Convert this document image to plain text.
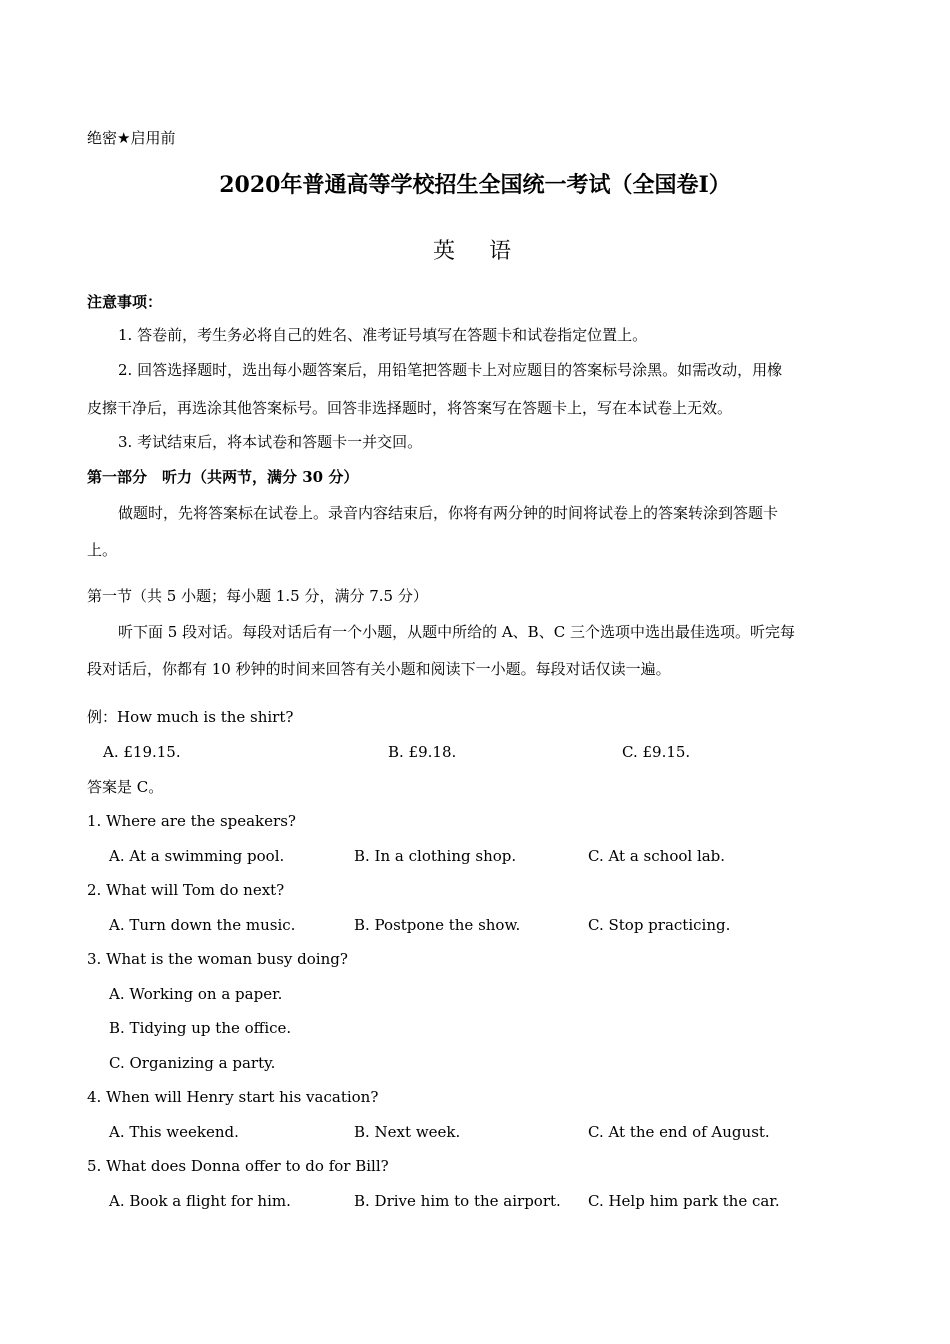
绝密★启用前
2020年普通高等学校招生全国统一考试（全国卷I）
英　语
注意事项：
1. 答卷前，考生务必将自己的姓名、准考证号填写在答题卡和试卷指定位置上。
2. 回答选择题时，选出每小题答案后，用铅笔把答题卡上对应题目的答案标号涂黑。如需改动，用橡
皮擦干净后，再选涂其他答案标号。回答非选择题时，将答案写在答题卡上，写在本试卷上无效。
3. 考试结束后，将本试卷和答题卡一并交回。
第一部分　听力（共两节，满分 30 分）
做题时，先将答案标在试卷上。录音内容结束后，你将有两分钟的时间将试卷上的答案转涂到答题卡
上。
第一节（共 5 小题；每小题 1.5 分，满分 7.5 分）
听下面 5 段对话。每段对话后有一个小题，从题中所给的 A、B、C 三个选项中选出最佳选项。听完每
段对话后，你都有 10 秒钟的时间来回答有关小题和阅读下一小题。每段对话仅读一遍。
例：How much is the shirt?
A. £19.15.	B. £9.18.	C. £9.15.
答案是 C。
1. Where are the speakers?
A. At a swimming pool.	B. In a clothing shop.	C. At a school lab.
2. What will Tom do next?
A. Turn down the music.	B. Postpone the show.	C. Stop practicing.
3. What is the woman busy doing?
A. Working on a paper.
B. Tidying up the office.
C. Organizing a party.
4. When will Henry start his vacation?
A. This weekend.	B. Next week.	C. At the end of August.
5. What does Donna offer to do for Bill?
A. Book a flight for him.	B. Drive him to the airport. C. Help him park the car.
